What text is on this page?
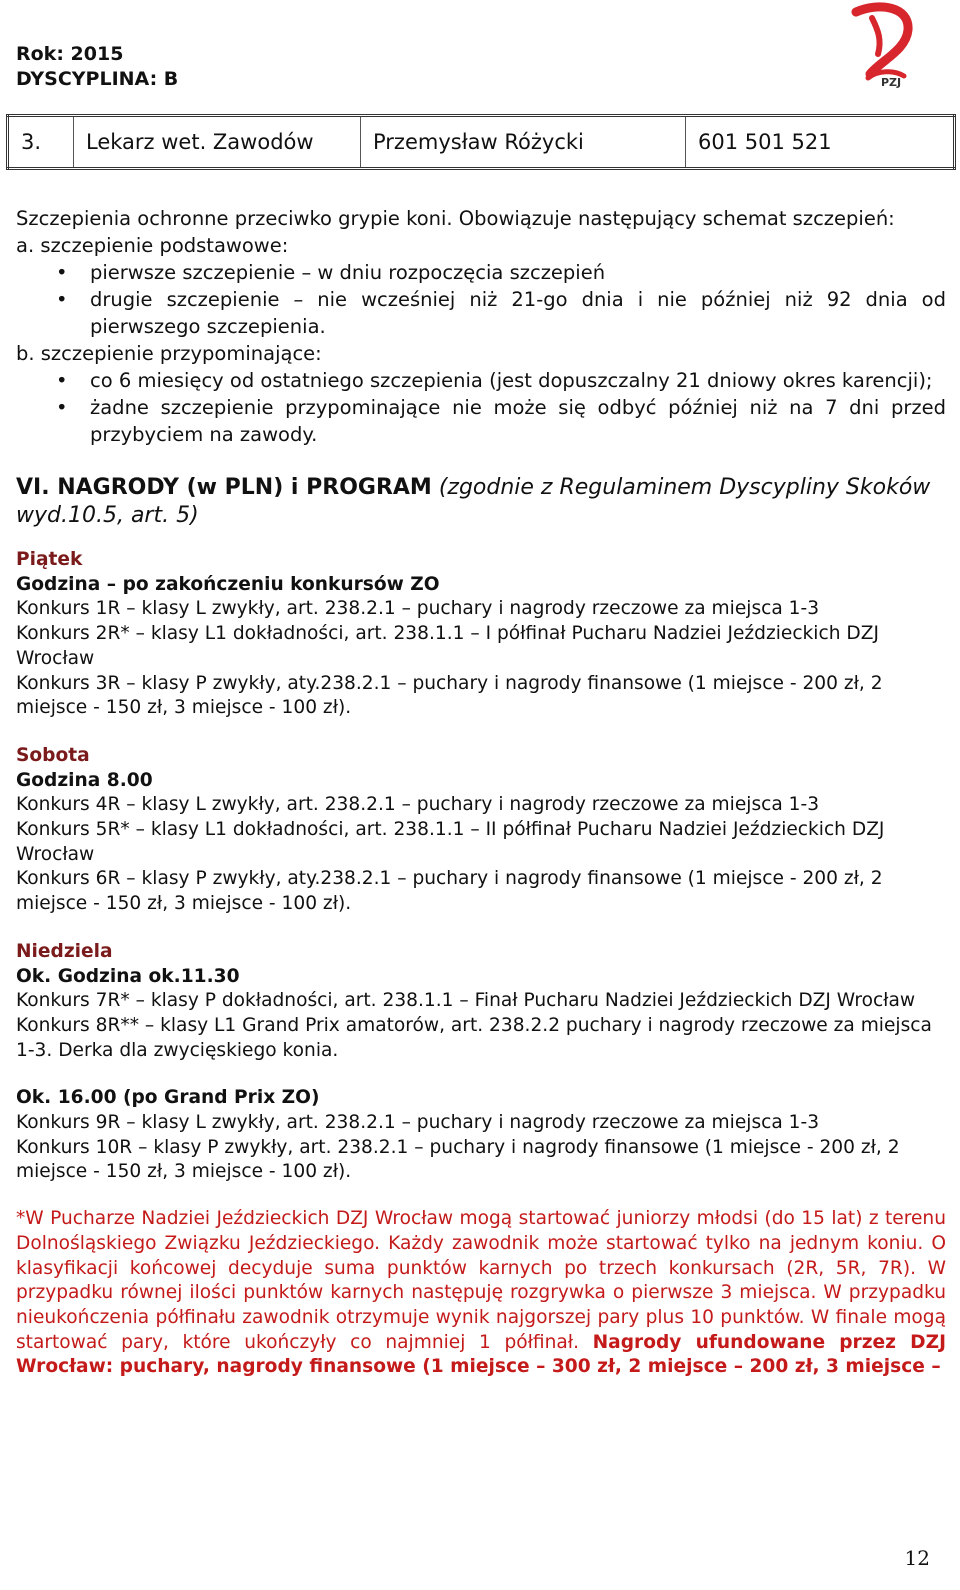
Rok: 2015
DYSCYPLINA: B	PZJ
3.	Lekarz wet. Zawodów	Przemysław Różycki	601 501 521

Szczepienia ochronne przeciwko grypie koni. Obowiązuje następujący schemat szczepień:

a. szczepienie podstawowe:

• pierwsze szczepienie – w dniu rozpoczęcia szczepień
• drugie szczepienie – nie wcześniej niż 21-go dnia i nie później niż 92 dnia od pierwszego szczepienia.

b. szczepienie przypominające:

• co 6 miesięcy od ostatniego szczepienia (jest dopuszczalny 21 dniowy okres karencji);
• żadne szczepienie przypominające nie może się odbyć później niż na 7 dni przed przybyciem na zawody.

VI. NAGRODY (w PLN) i PROGRAM (zgodnie z Regulaminem Dyscypliny Skoków wyd.10.5, art. 5)

Piątek
Godzina – po zakończeniu konkursów ZO
Konkurs 1R – klasy L zwykły, art. 238.2.1 – puchary i nagrody rzeczowe za miejsca 1-3
Konkurs 2R* – klasy L1 dokładności, art. 238.1.1 – I półfinał Pucharu Nadziei Jeździeckich DZJ Wrocław
Konkurs 3R – klasy P zwykły, aty.238.2.1 – puchary i nagrody finansowe (1 miejsce - 200 zł, 2 miejsce - 150 zł, 3 miejsce - 100 zł).
Sobota
Godzina 8.00
Konkurs 4R – klasy L zwykły, art. 238.2.1 – puchary i nagrody rzeczowe za miejsca 1-3
Konkurs 5R* – klasy L1 dokładności, art. 238.1.1 – II półfinał Pucharu Nadziei Jeździeckich DZJ Wrocław
Konkurs 6R – klasy P zwykły, aty.238.2.1 – puchary i nagrody finansowe (1 miejsce - 200 zł, 2 miejsce - 150 zł, 3 miejsce - 100 zł).
Niedziela
Ok. Godzina ok.11.30
Konkurs 7R* – klasy P dokładności, art. 238.1.1 – Finał Pucharu Nadziei Jeździeckich DZJ Wrocław
Konkurs 8R** – klasy L1 Grand Prix amatorów, art. 238.2.2 puchary i nagrody rzeczowe za miejsca 1-3. Derka dla zwycięskiego konia.
Ok. 16.00 (po Grand Prix ZO)
Konkurs 9R – klasy L zwykły, art. 238.2.1 – puchary i nagrody rzeczowe za miejsca 1-3
Konkurs 10R – klasy P zwykły, art. 238.2.1 – puchary i nagrody finansowe (1 miejsce - 200 zł, 2 miejsce - 150 zł, 3 miejsce - 100 zł).

*W Pucharze Nadziei Jeździeckich DZJ Wrocław mogą startować juniorzy młodsi (do 15 lat) z terenu Dolnośląskiego Związku Jeździeckiego. Każdy zawodnik może startować tylko na jednym koniu. O klasyfikacji końcowej decyduje suma punktów karnych po trzech konkursach (2R, 5R, 7R). W przypadku równej ilości punktów karnych następuję rozgrywka o pierwsze 3 miejsca. W przypadku nieukończenia półfinału zawodnik otrzymuje wynik najgorszej pary plus 10 punktów. W finale mogą startować pary, które ukończyły co najmniej 1 półfinał. Nagrody ufundowane przez DZJ Wrocław: puchary, nagrody finansowe (1 miejsce – 300 zł, 2 miejsce – 200 zł, 3 miejsce –

12
